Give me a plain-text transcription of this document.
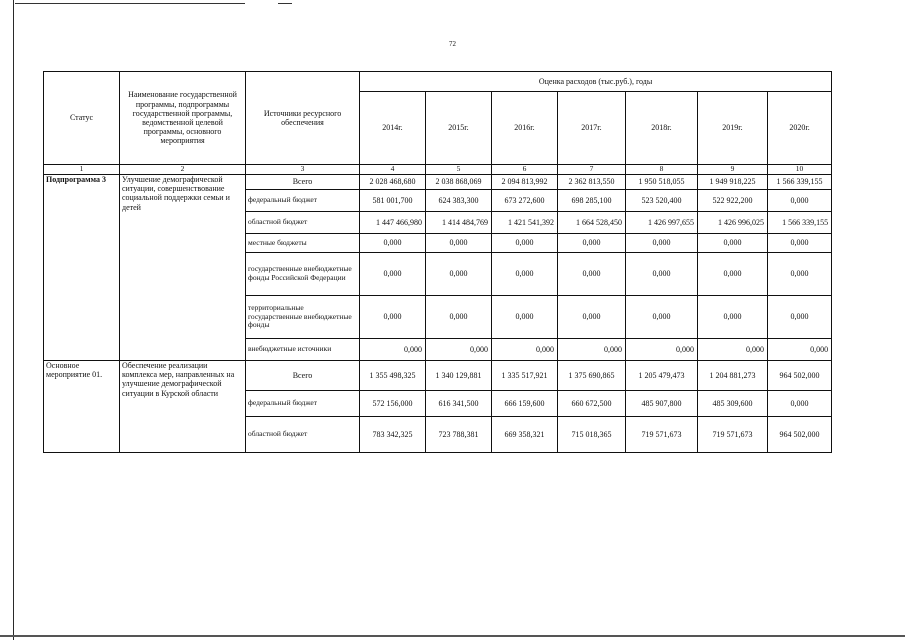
72
Статус	Наименование государственной программы, подпрограммы государственной программы, ведомственной целевой программы, основного мероприятия	Источники ресурсного обеспечения	Оценка расходов (тыс.руб.), годы						
			2014г.	2015г.	2016г.	2017г.	2018г.	2019г.	2020г.
1	2	3	4	5	6	7	8	9	10
Подпрограмма 3	Улучшение демографической ситуации, совершенствование социальной поддержки семьи и детей	Всего	2 028 468,680	2 038 868,069	2 094 813,992	2 362 813,550	1 950 518,055	1 949 918,225	1 566 339,155
		федеральный бюджет	581 001,700	624 383,300	673 272,600	698 285,100	523 520,400	522 922,200	0,000
		областной бюджет	1 447 466,980	1 414 484,769	1 421 541,392	1 664 528,450	1 426 997,655	1 426 996,025	1 566 339,155
		местные бюджеты	0,000	0,000	0,000	0,000	0,000	0,000	0,000
		государственные внебюджетные фонды Российской Федерации	0,000	0,000	0,000	0,000	0,000	0,000	0,000
		территориальные государственные внебюджетные фонды	0,000	0,000	0,000	0,000	0,000	0,000	0,000
		внебюджетные источники	0,000	0,000	0,000	0,000	0,000	0,000	0,000
Основное мероприятие 01.	Обеспечение реализации комплекса мер, направленных на улучшение демографической ситуации в Курской области	Всего	1 355 498,325	1 340 129,881	1 335 517,921	1 375 690,865	1 205 479,473	1 204 881,273	964 502,000
		федеральный бюджет	572 156,000	616 341,500	666 159,600	660 672,500	485 907,800	485 309,600	0,000
		областной бюджет	783 342,325	723 788,381	669 358,321	715 018,365	719 571,673	719 571,673	964 502,000
